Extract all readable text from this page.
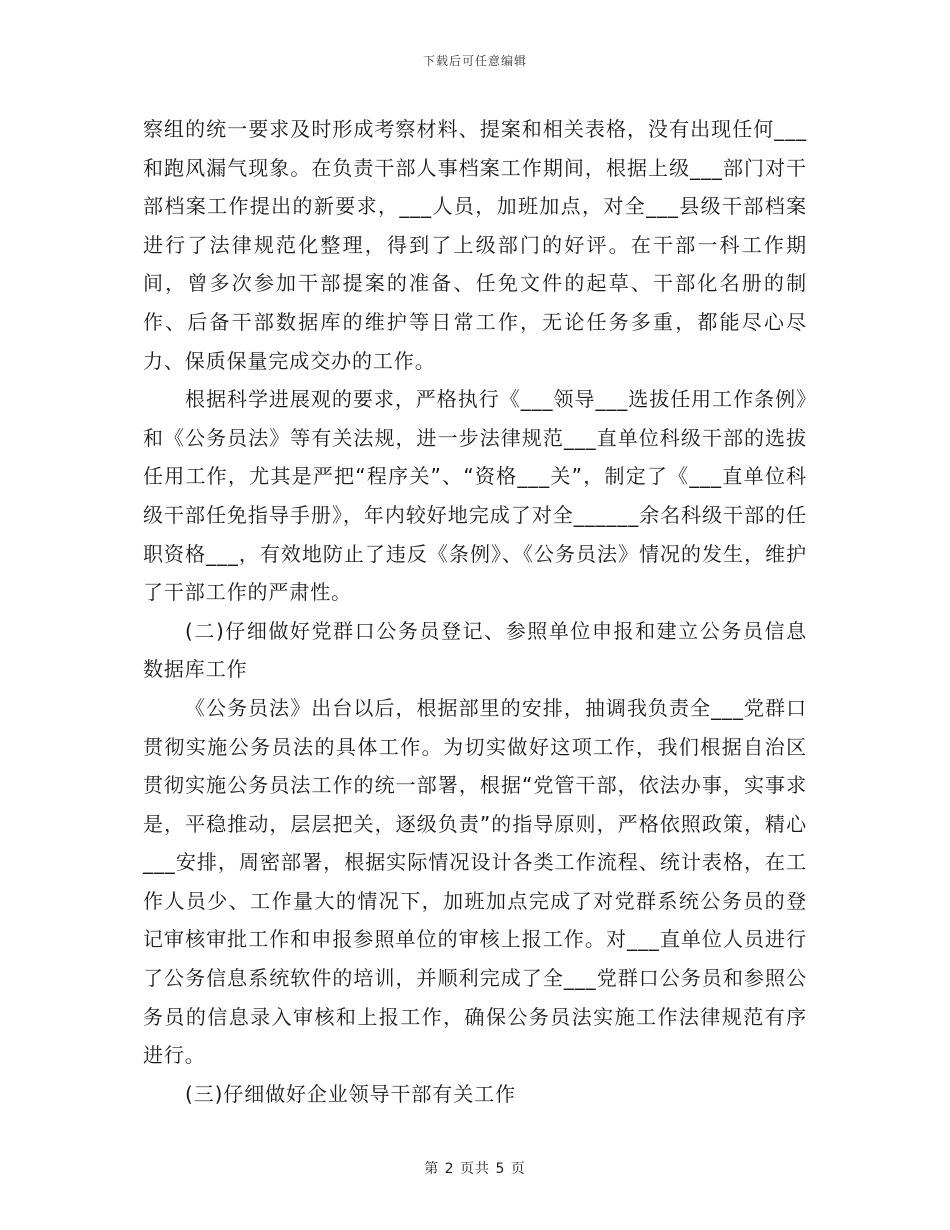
下载后可任意编辑

察组的统一要求及时形成考察材料、提案和相关表格，没有出现任何___和跑风漏气现象。在负责干部人事档案工作期间，根据上级___部门对干部档案工作提出的新要求，___人员，加班加点，对全___县级干部档案进行了法律规范化整理，得到了上级部门的好评。在干部一科工作期间，曾多次参加干部提案的准备、任免文件的起草、干部化名册的制作、后备干部数据库的维护等日常工作，无论任务多重，都能尽心尽力、保质保量完成交办的工作。

根据科学进展观的要求，严格执行《___领导___选拔任用工作条例》和《公务员法》等有关法规，进一步法律规范___直单位科级干部的选拔任用工作，尤其是严把“程序关”、“资格___关”，制定了《___直单位科级干部任免指导手册》，年内较好地完成了对全______余名科级干部的任职资格___，有效地防止了违反《条例》、《公务员法》情况的发生，维护了干部工作的严肃性。

(二)仔细做好党群口公务员登记、参照单位申报和建立公务员信息数据库工作

《公务员法》出台以后，根据部里的安排，抽调我负责全___党群口贯彻实施公务员法的具体工作。为切实做好这项工作，我们根据自治区贯彻实施公务员法工作的统一部署，根据“党管干部，依法办事，实事求是，平稳推动，层层把关，逐级负责”的指导原则，严格依照政策，精心___安排，周密部署，根据实际情况设计各类工作流程、统计表格，在工作人员少、工作量大的情况下，加班加点完成了对党群系统公务员的登记审核审批工作和申报参照单位的审核上报工作。对___直单位人员进行了公务信息系统软件的培训，并顺利完成了全___党群口公务员和参照公务员的信息录入审核和上报工作，确保公务员法实施工作法律规范有序进行。

(三)仔细做好企业领导干部有关工作

第 2 页共 5 页
